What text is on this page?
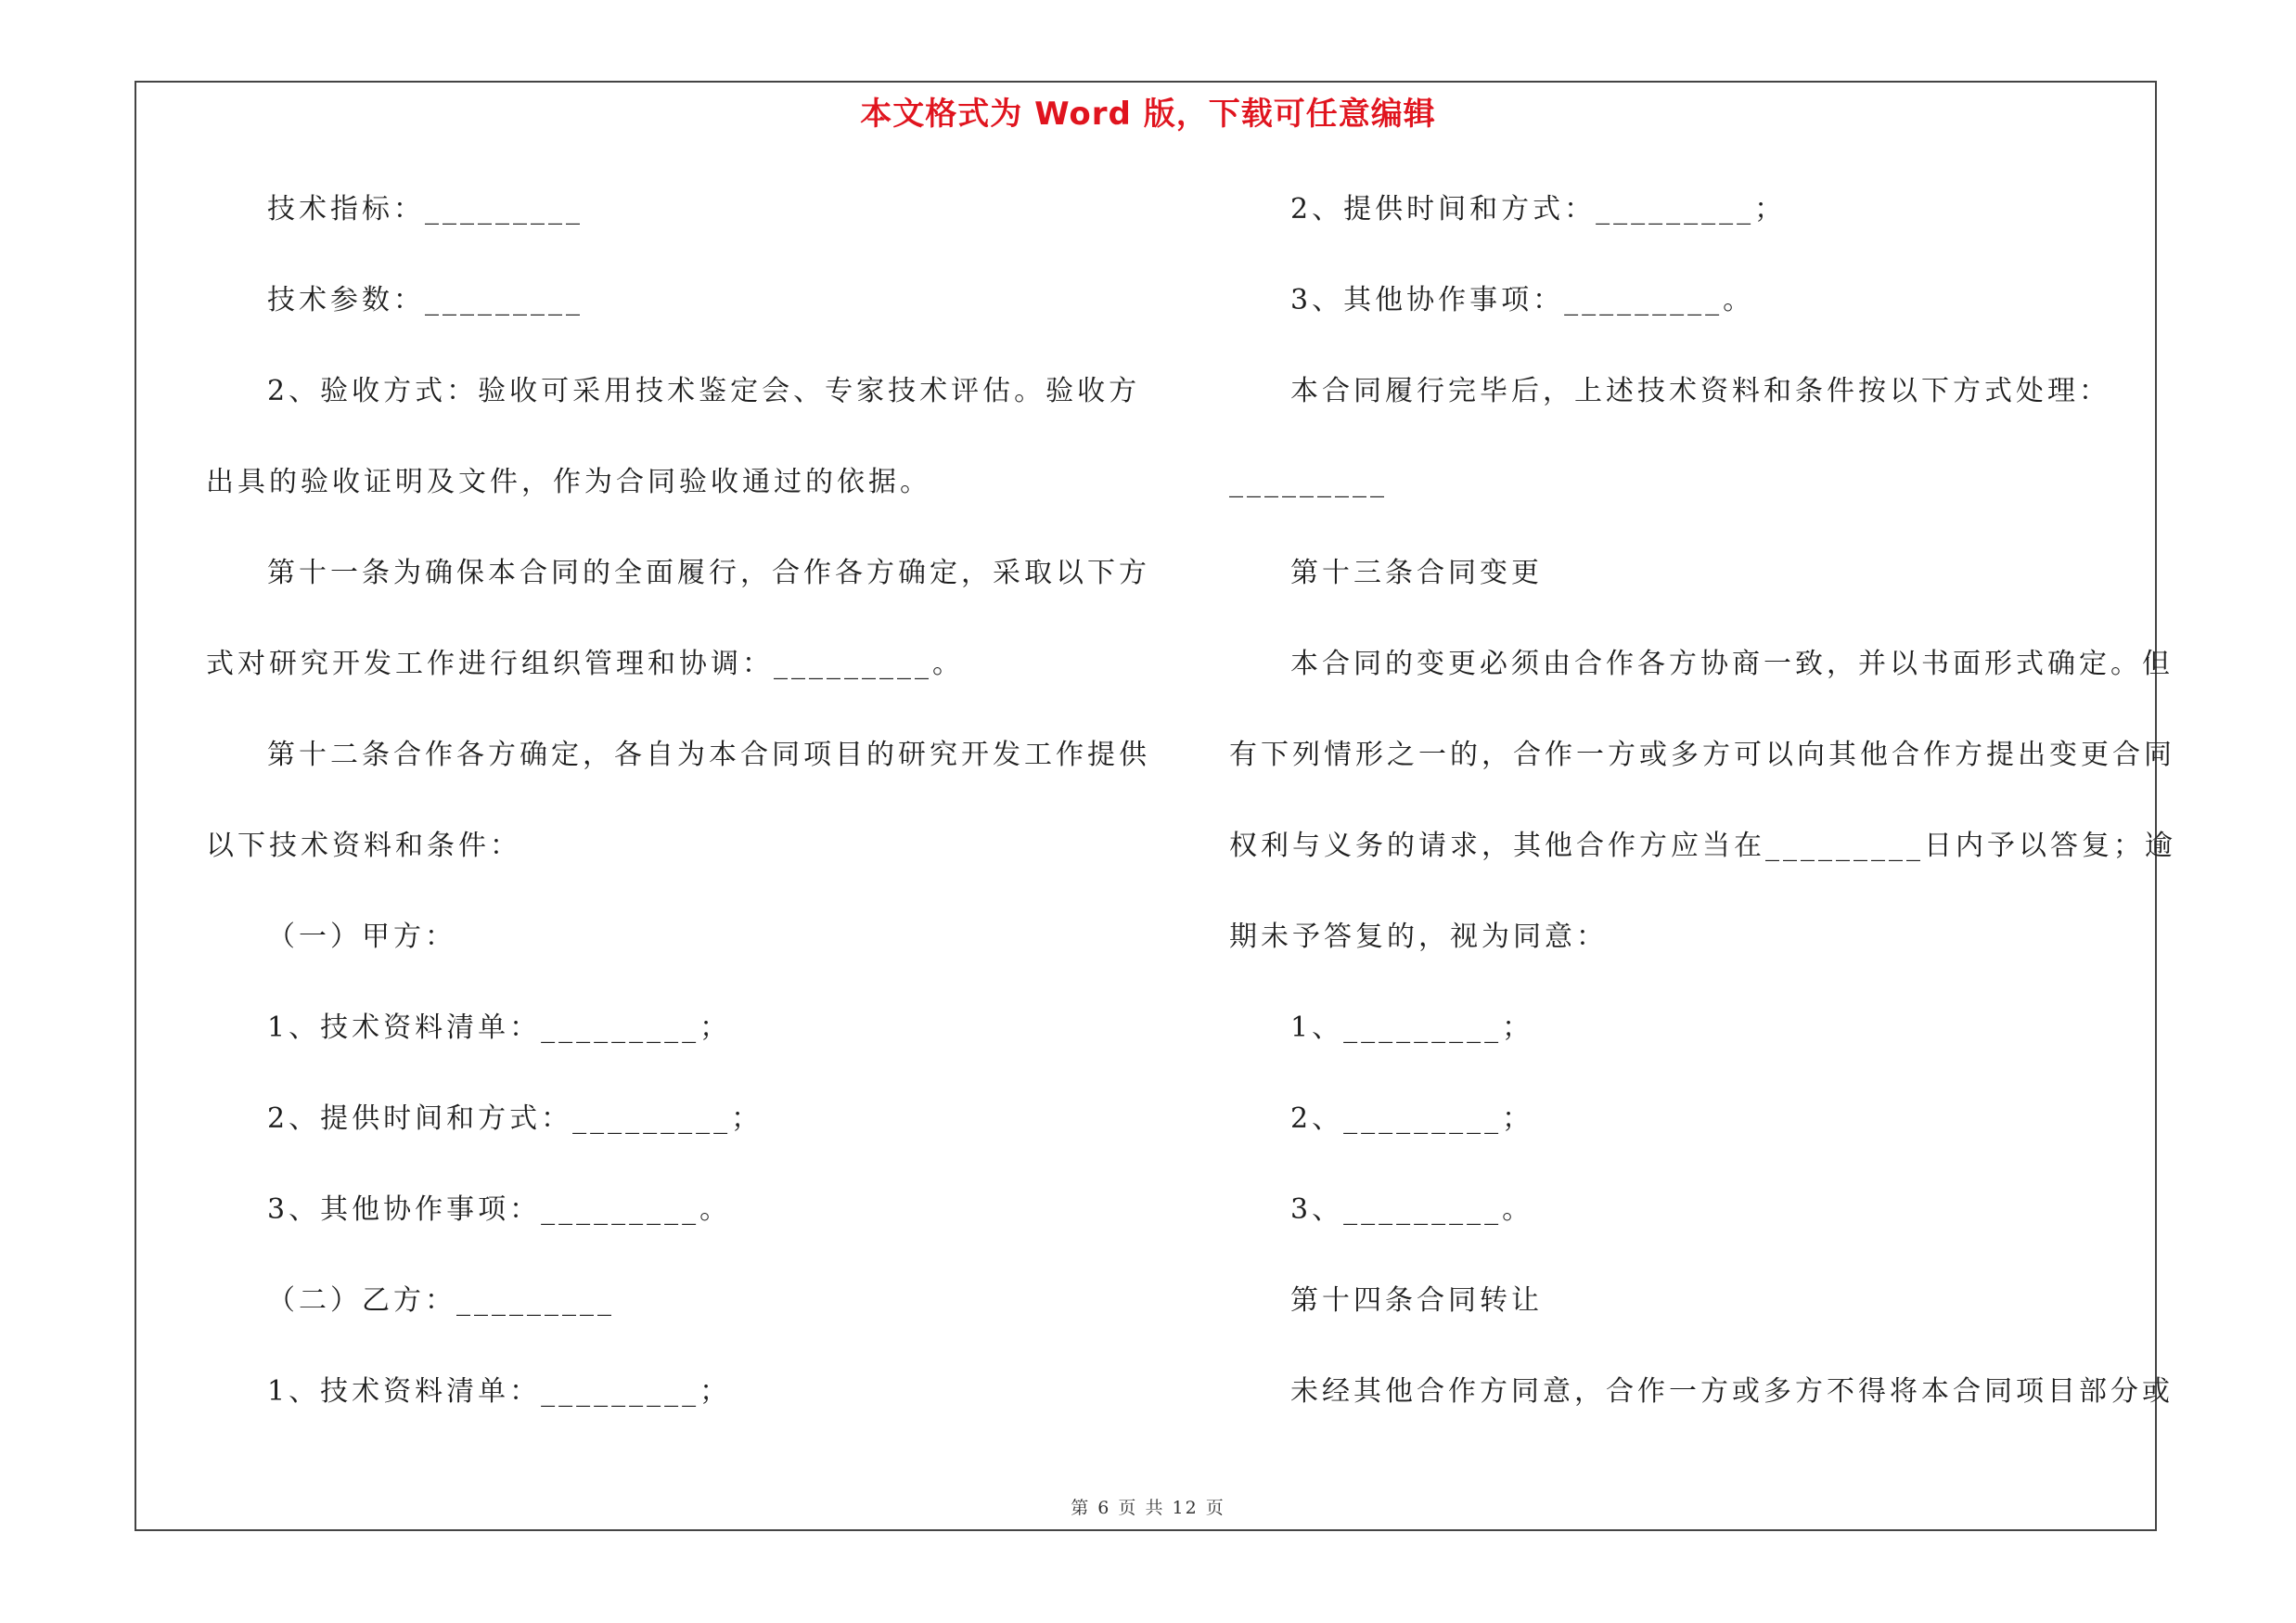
本文格式为 Word 版，下载可任意编辑
技术指标：_________
技术参数：_________
2、验收方式：验收可采用技术鉴定会、专家技术评估。验收方
出具的验收证明及文件，作为合同验收通过的依据。
第十一条为确保本合同的全面履行，合作各方确定，采取以下方
式对研究开发工作进行组织管理和协调：_________。
第十二条合作各方确定，各自为本合同项目的研究开发工作提供
以下技术资料和条件：
（一）甲方：
1、技术资料清单：_________；
2、提供时间和方式：_________；
3、其他协作事项：_________。
（二）乙方：_________
1、技术资料清单：_________；
2、提供时间和方式：_________；
3、其他协作事项：_________。
本合同履行完毕后，上述技术资料和条件按以下方式处理：
_________
第十三条合同变更
本合同的变更必须由合作各方协商一致，并以书面形式确定。但
有下列情形之一的，合作一方或多方可以向其他合作方提出变更合同
权利与义务的请求，其他合作方应当在_________日内予以答复；逾
期未予答复的，视为同意：
1、_________；
2、_________；
3、_________。
第十四条合同转让
未经其他合作方同意，合作一方或多方不得将本合同项目部分或
第 6 页 共 12 页
